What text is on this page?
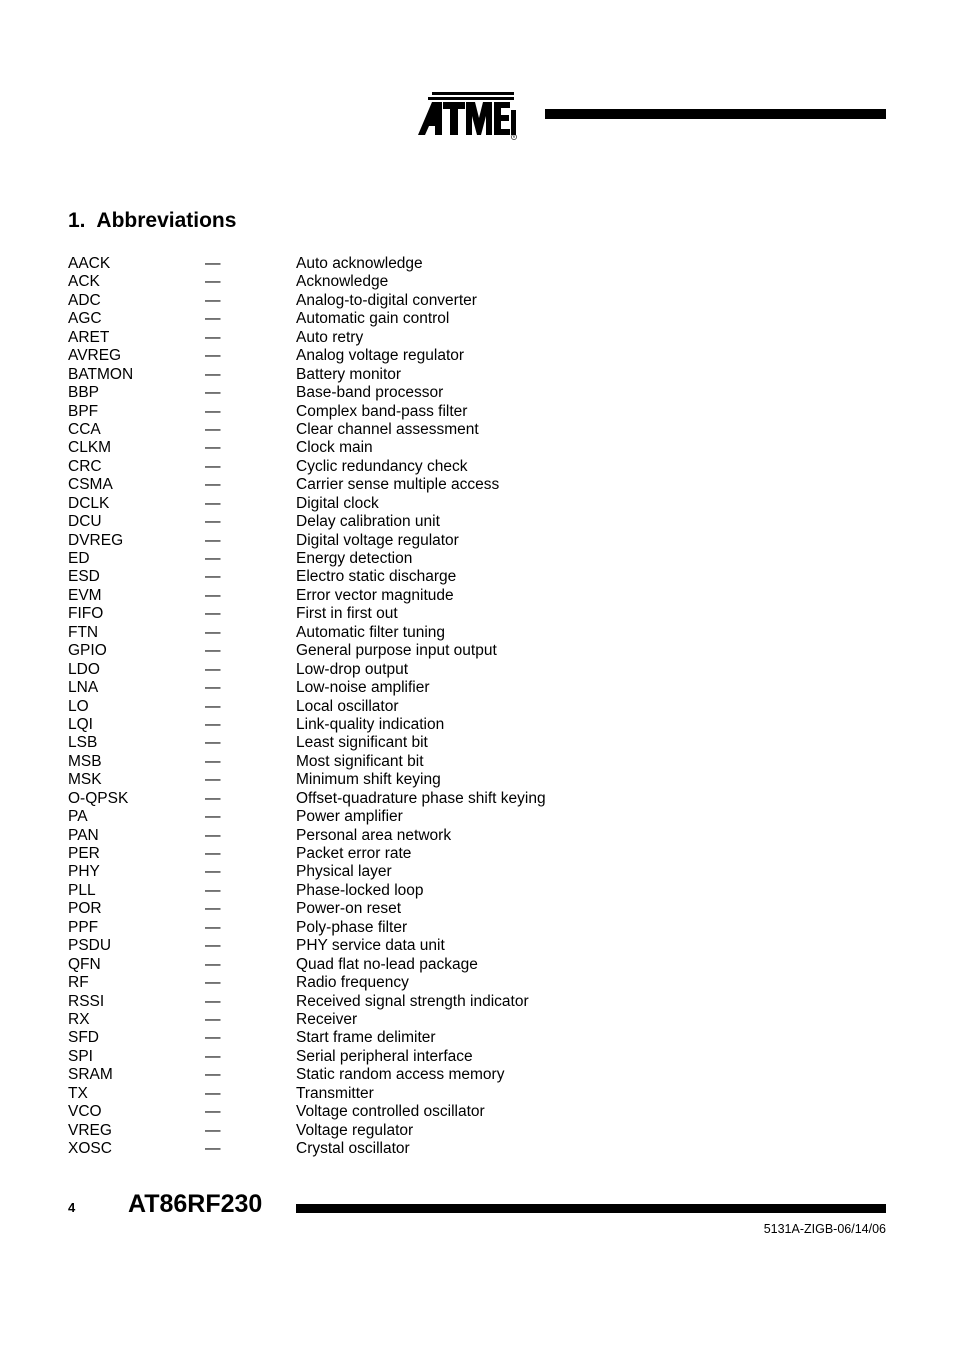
R
1. Abbreviations
AACK	—	Auto acknowledge
ACK	—	Acknowledge
ADC	—	Analog-to-digital converter
AGC	—	Automatic gain control
ARET	—	Auto retry
AVREG	—	Analog voltage regulator
BATMON	—	Battery monitor
BBP	—	Base-band processor
BPF	—	Complex band-pass filter
CCA	—	Clear channel assessment
CLKM	—	Clock main
CRC	—	Cyclic redundancy check
CSMA	—	Carrier sense multiple access
DCLK	—	Digital clock
DCU	—	Delay calibration unit
DVREG	—	Digital voltage regulator
ED	—	Energy detection
ESD	—	Electro static discharge
EVM	—	Error vector magnitude
FIFO	—	First in first out
FTN	—	Automatic filter tuning
GPIO	—	General purpose input output
LDO	—	Low-drop output
LNA	—	Low-noise amplifier
LO	—	Local oscillator
LQI	—	Link-quality indication
LSB	—	Least significant bit
MSB	—	Most significant bit
MSK	—	Minimum shift keying
O-QPSK	—	Offset-quadrature phase shift keying
PA	—	Power amplifier
PAN	—	Personal area network
PER	—	Packet error rate
PHY	—	Physical layer
PLL	—	Phase-locked loop
POR	—	Power-on reset
PPF	—	Poly-phase filter
PSDU	—	PHY service data unit
QFN	—	Quad flat no-lead package
RF	—	Radio frequency
RSSI	—	Received signal strength indicator
RX	—	Receiver
SFD	—	Start frame delimiter
SPI	—	Serial peripheral interface
SRAM	—	Static random access memory
TX	—	Transmitter
VCO	—	Voltage controlled oscillator
VREG	—	Voltage regulator
XOSC	—	Crystal oscillator
4 AT86RF230
5131A-ZIGB-06/14/06
